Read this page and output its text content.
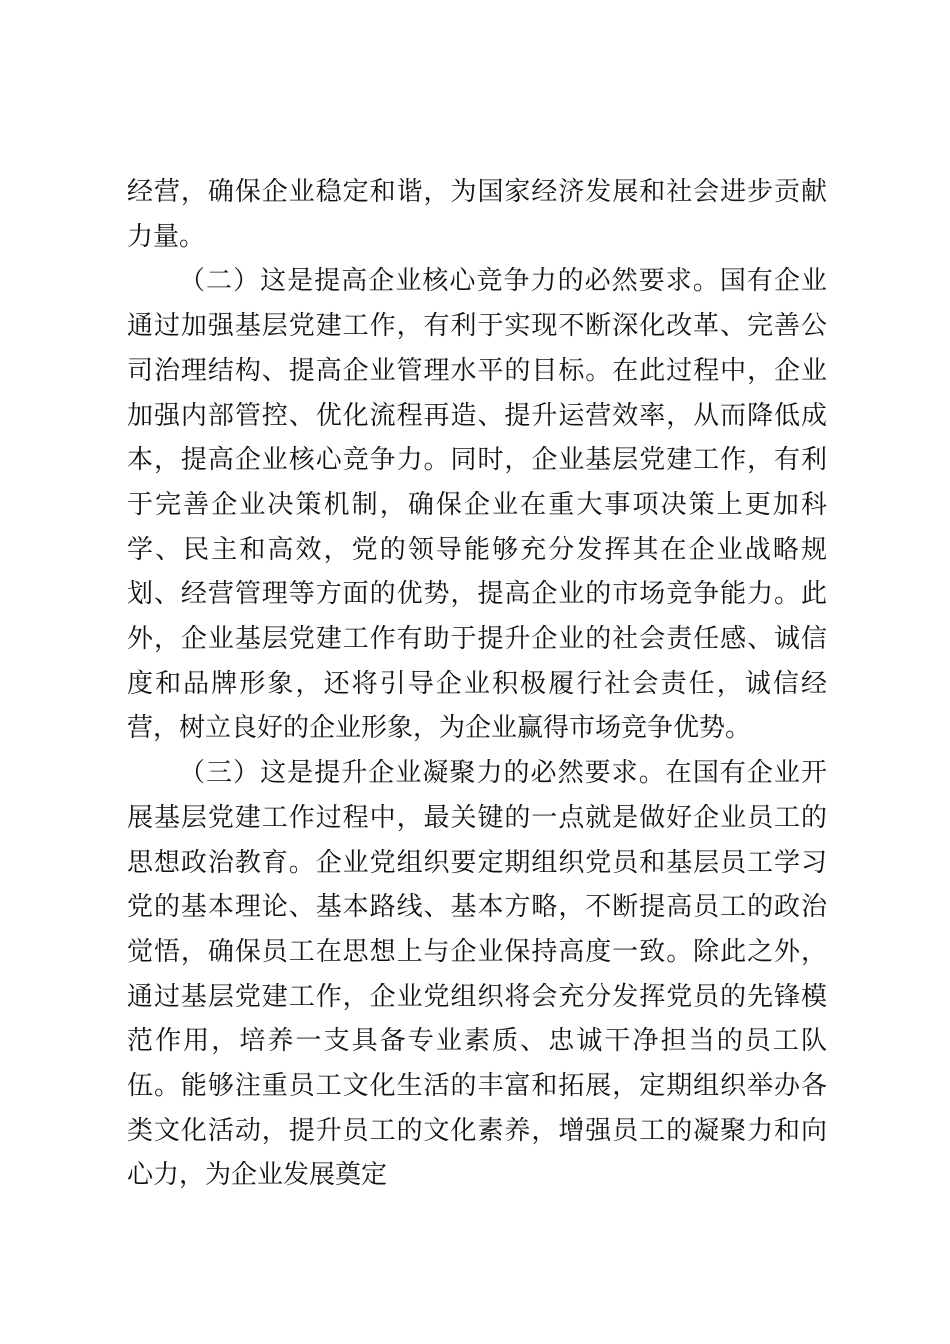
经营，确保企业稳定和谐，为国家经济发展和社会进步贡献力量。

（二）这是提高企业核心竞争力的必然要求。国有企业通过加强基层党建工作，有利于实现不断深化改革、完善公司治理结构、提高企业管理水平的目标。在此过程中，企业加强内部管控、优化流程再造、提升运营效率，从而降低成本，提高企业核心竞争力。同时，企业基层党建工作，有利于完善企业决策机制，确保企业在重大事项决策上更加科学、民主和高效，党的领导能够充分发挥其在企业战略规划、经营管理等方面的优势，提高企业的市场竞争能力。此外，企业基层党建工作有助于提升企业的社会责任感、诚信度和品牌形象，还将引导企业积极履行社会责任，诚信经营，树立良好的企业形象，为企业赢得市场竞争优势。

（三）这是提升企业凝聚力的必然要求。在国有企业开展基层党建工作过程中，最关键的一点就是做好企业员工的思想政治教育。企业党组织要定期组织党员和基层员工学习党的基本理论、基本路线、基本方略，不断提高员工的政治觉悟，确保员工在思想上与企业保持高度一致。除此之外，通过基层党建工作，企业党组织将会充分发挥党员的先锋模范作用，培养一支具备专业素质、忠诚干净担当的员工队伍。能够注重员工文化生活的丰富和拓展，定期组织举办各类文化活动，提升员工的文化素养，增强员工的凝聚力和向心力，为企业发展奠定
